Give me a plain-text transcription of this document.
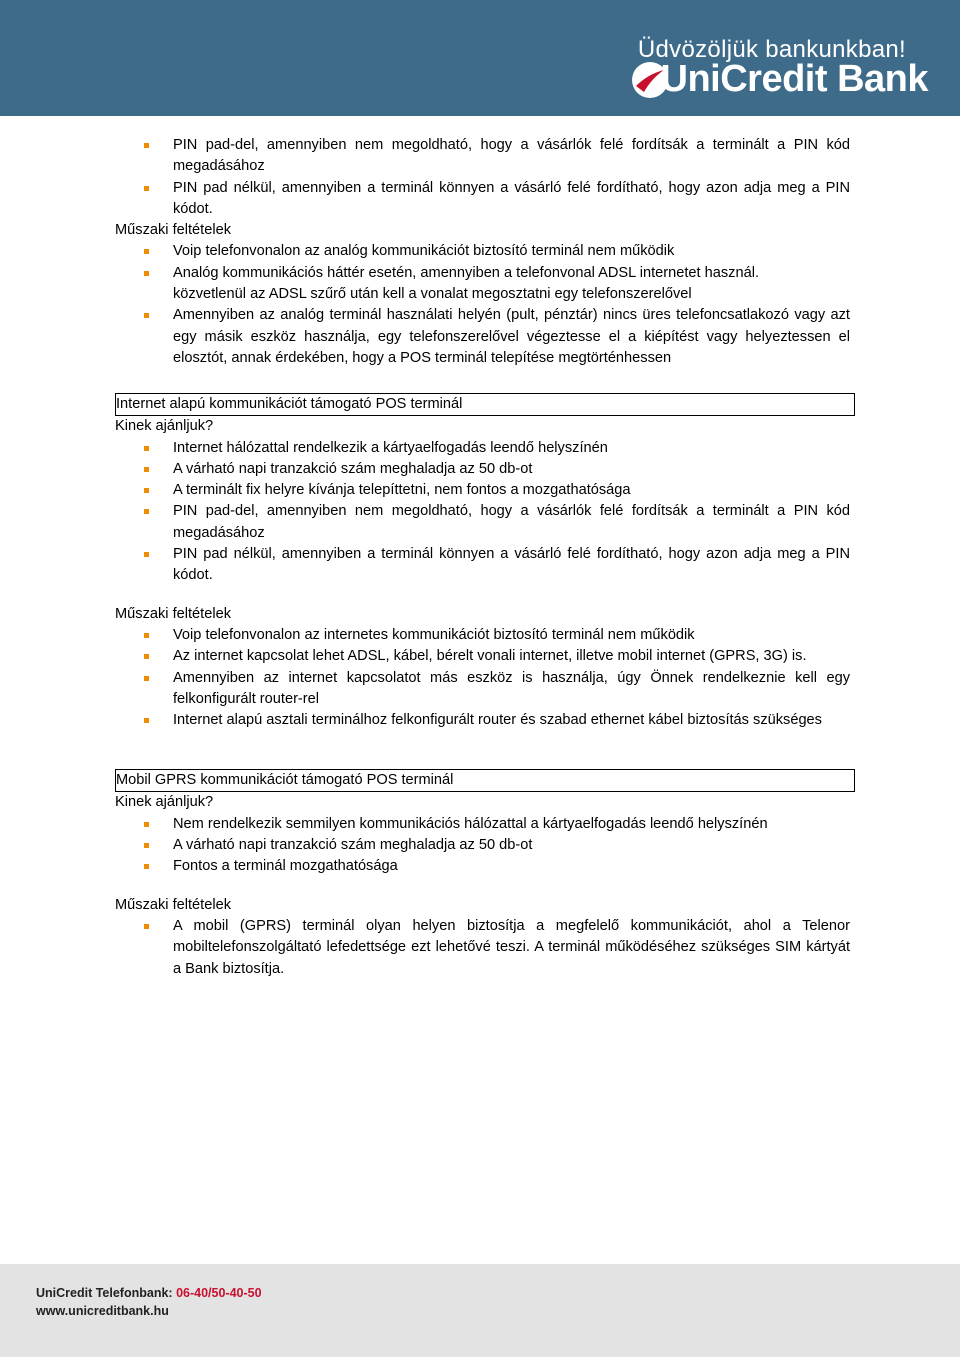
Üdvözöljük bankunkban!
UniCredit Bank
PIN pad-del, amennyiben nem megoldható, hogy a vásárlók felé fordítsák a terminált a PIN kód megadásához
PIN pad nélkül, amennyiben a terminál könnyen a vásárló felé fordítható, hogy azon adja meg a PIN kódot.
Műszaki feltételek
Voip telefonvonalon az analóg kommunikációt biztosító terminál nem működik
Analóg kommunikációs háttér esetén, amennyiben a telefonvonal ADSL internetet használ.
közvetlenül az ADSL szűrő után kell a vonalat megosztatni egy telefonszerelővel
Amennyiben az analóg terminál használati helyén (pult, pénztár) nincs üres telefoncsatlakozó vagy azt egy másik eszköz használja, egy telefonszerelővel végeztesse el a kiépítést vagy helyeztessen el elosztót, annak érdekében, hogy a POS terminál telepítése megtörténhessen
Internet alapú kommunikációt támogató POS terminál
Kinek ajánljuk?
Internet hálózattal rendelkezik a kártyaelfogadás leendő helyszínén
A várható napi tranzakció szám meghaladja az 50 db-ot
A terminált fix helyre kívánja telepíttetni, nem fontos a mozgathatósága
PIN pad-del, amennyiben nem megoldható, hogy a vásárlók felé fordítsák a terminált a PIN kód megadásához
PIN pad nélkül, amennyiben a terminál könnyen a vásárló felé fordítható, hogy azon adja meg a PIN kódot.
Műszaki feltételek
Voip telefonvonalon az internetes kommunikációt biztosító terminál nem működik
Az internet kapcsolat lehet ADSL, kábel, bérelt vonali internet, illetve mobil internet (GPRS, 3G) is.
Amennyiben az internet kapcsolatot más eszköz is használja, úgy Önnek rendelkeznie kell egy felkonfigurált router-rel
Internet alapú asztali terminálhoz felkonfigurált router és szabad ethernet kábel biztosítás szükséges
Mobil GPRS kommunikációt támogató POS terminál
Kinek ajánljuk?
Nem rendelkezik semmilyen kommunikációs hálózattal a kártyaelfogadás leendő helyszínén
A várható napi tranzakció szám meghaladja az 50 db-ot
Fontos a terminál mozgathatósága
Műszaki feltételek
A mobil (GPRS) terminál olyan helyen biztosítja a megfelelő kommunikációt, ahol a Telenor mobiltelefonszolgáltató lefedettsége ezt lehetővé teszi. A terminál működéséhez szükséges SIM kártyát a Bank biztosítja.
UniCredit Telefonbank: 06-40/50-40-50
www.unicreditbank.hu
